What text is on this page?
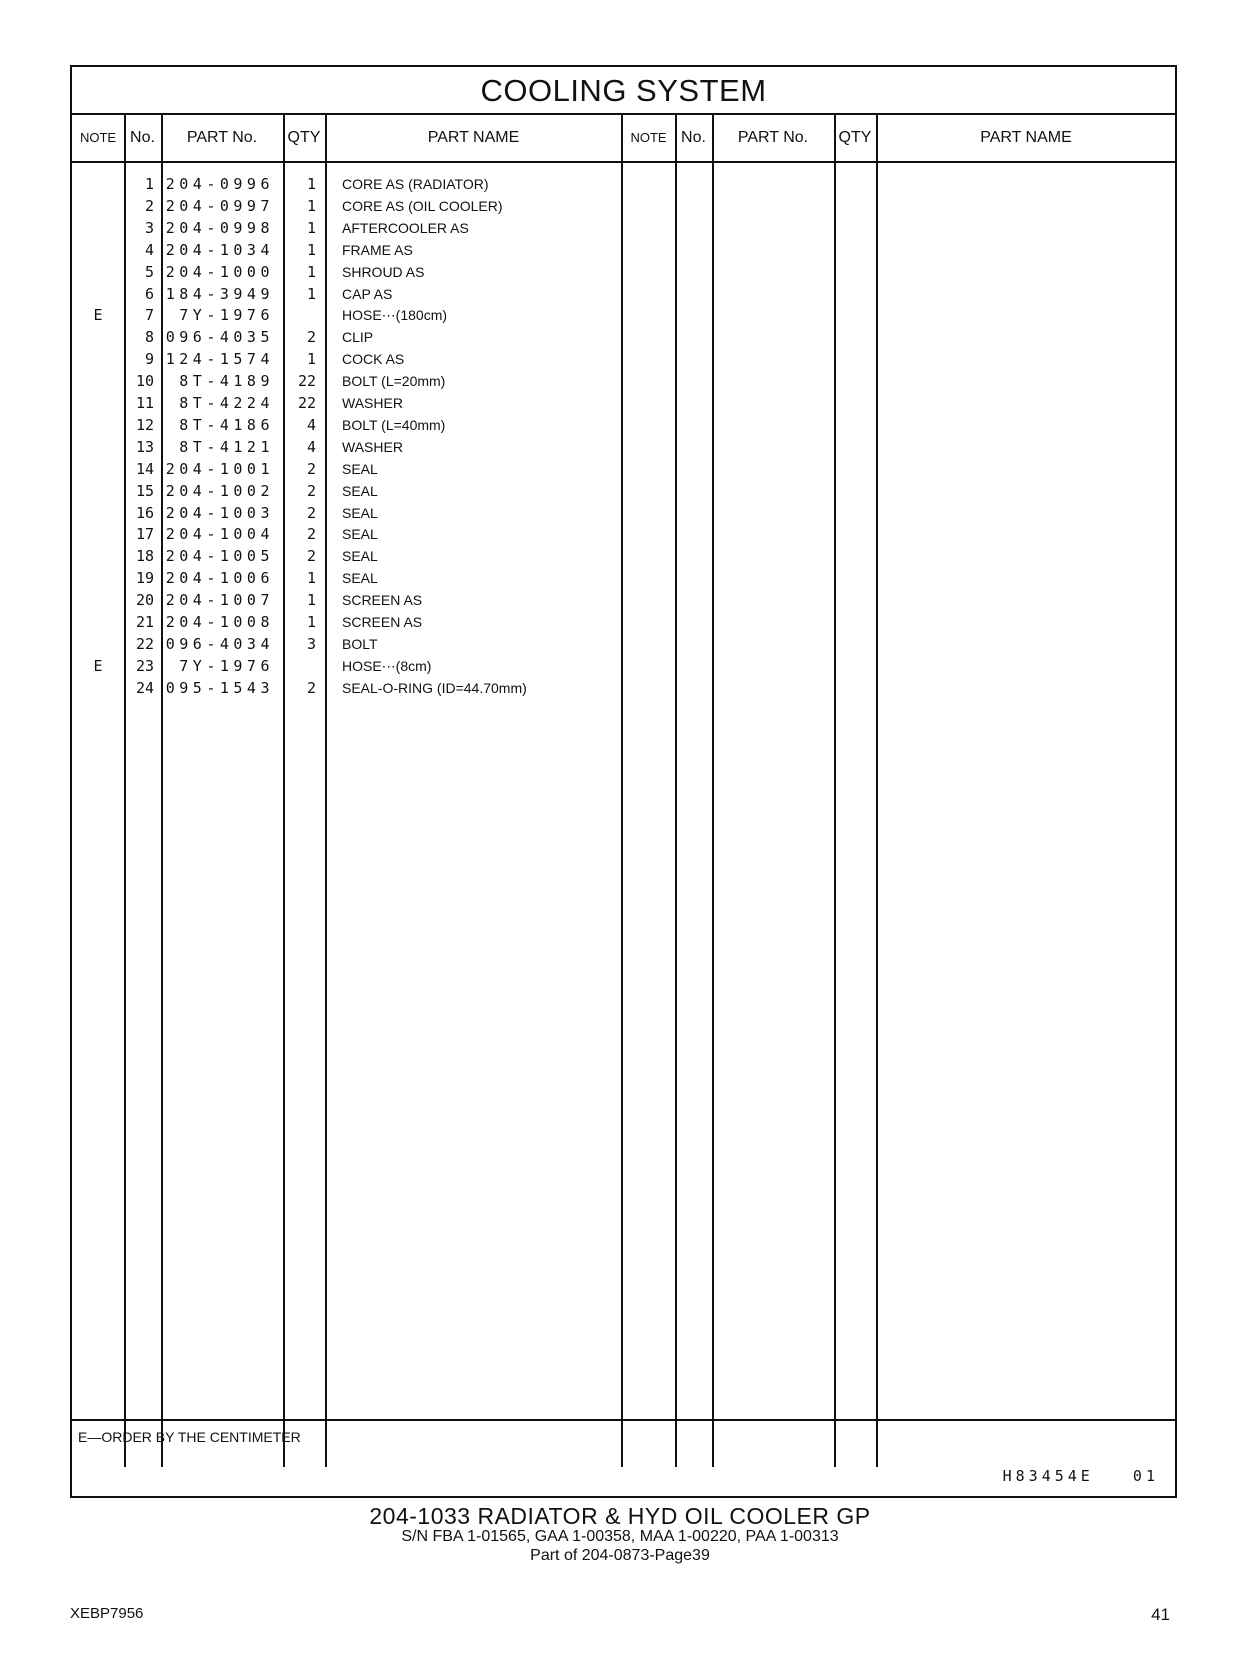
COOLING SYSTEM
NOTE No.	PART No.	QTY	PART NAME	NOTE No.	PART No.	QTY	PART NAME
1 204-0996	1 CORE AS (RADIATOR)
2 204-0997	1 CORE AS (OIL COOLER)
3 204-0998	1 AFTERCOOLER AS
4 204-1034	1 FRAME AS
5 204-1000	1 SHROUD AS
6 184-3949	1 CAP AS
E	7	7Y-1976	HOSE⋯(180cm)
8 096-4035	2 CLIP
9 124-1574	1 COCK AS
10	8T-4189	22 BOLT (L=20mm)
11	8T-4224	22 WASHER
12	8T-4186	4 BOLT (L=40mm)
13	8T-4121	4 WASHER
14 204-1001	2 SEAL
15 204-1002	2 SEAL
16 204-1003	2 SEAL
17 204-1004	2 SEAL
18 204-1005	2 SEAL
19 204-1006	1 SEAL
20 204-1007	1 SCREEN AS
21 204-1008	1 SCREEN AS
22 096-4034	3 BOLT
E	23	7Y-1976	HOSE⋯(8cm)
24 095-1543	2 SEAL-O-RING (ID=44.70mm)
E—ORDER BY THE CENTIMETER
H83454E   01
204-1033 RADIATOR & HYD OIL COOLER GP
S/N FBA 1-01565, GAA 1-00358, MAA 1-00220, PAA 1-00313
Part of 204-0873-Page39
XEBP7956	41
